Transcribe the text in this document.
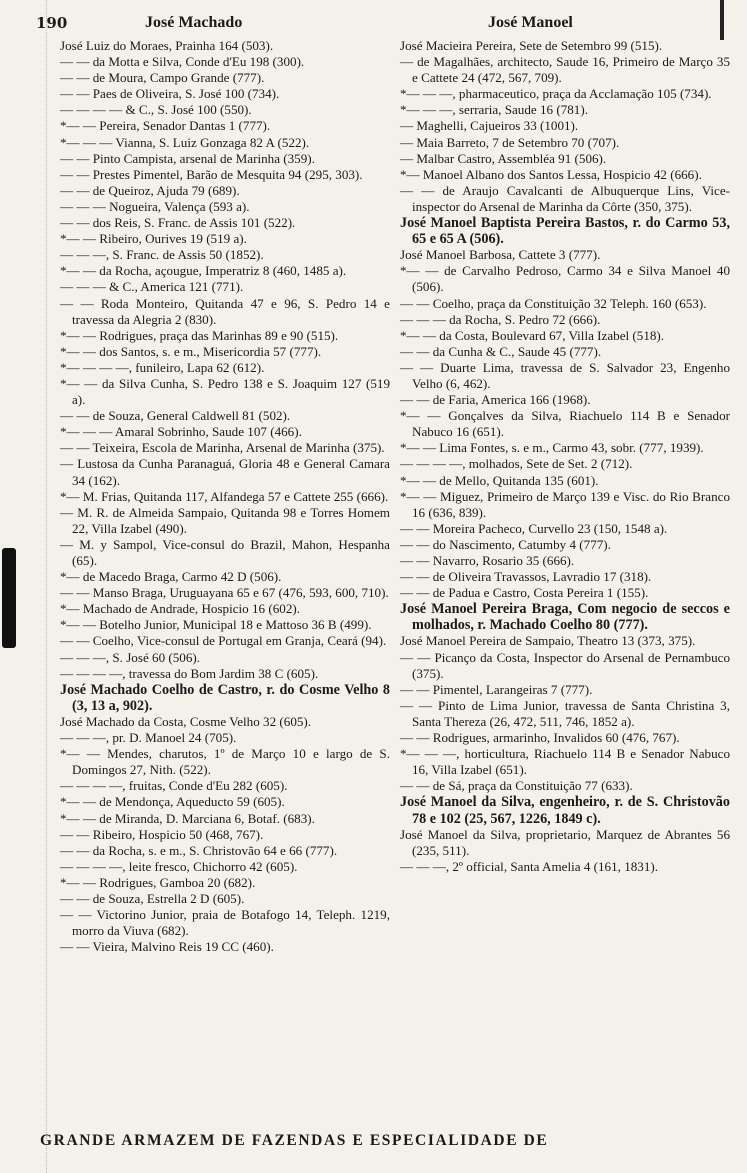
190	José Machado	José Manoel

José Luiz do Moraes, Prainha 164 (503).

— — da Motta e Silva, Conde d'Eu 198 (300).

— — de Moura, Campo Grande (777).

— — Paes de Oliveira, S. José 100 (734).

— — — — & C., S. José 100 (550).

*— — Pereira, Senador Dantas 1 (777).

*— — — Vianna, S. Luiz Gonzaga 82 A (522).

— — Pinto Campista, arsenal de Marinha (359).

— — Prestes Pimentel, Barão de Mesquita 94 (295, 303).

— — de Queiroz, Ajuda 79 (689).

— — — Nogueira, Valença (593 a).

— — dos Reis, S. Franc. de Assis 101 (522).

*— — Ribeiro, Ourives 19 (519 a).

— — —, S. Franc. de Assis 50 (1852).

*— — da Rocha, açougue, Imperatriz 8 (460, 1485 a).

— — — & C., America 121 (771).

— — Roda Monteiro, Quitanda 47 e 96, S. Pedro 14 e travessa da Alegria 2 (830).

*— — Rodrigues, praça das Marinhas 89 e 90 (515).

*— — dos Santos, s. e m., Misericordia 57 (777).

*— — — —, funileiro, Lapa 62 (612).

*— — da Silva Cunha, S. Pedro 138 e S. Joaquim 127 (519 a).

— — de Souza, General Caldwell 81 (502).

*— — — Amaral Sobrinho, Saude 107 (466).

— — Teixeira, Escola de Marinha, Arsenal de Marinha (375).

— Lustosa da Cunha Paranaguá, Gloria 48 e General Camara 34 (162).

*— M. Frias, Quitanda 117, Alfandega 57 e Cattete 255 (666).

— M. R. de Almeida Sampaio, Quitanda 98 e Torres Homem 22, Villa Izabel (490).

— M. y Sampol, Vice-consul do Brazil, Mahon, Hespanha (65).

*— de Macedo Braga, Carmo 42 D (506).

— — Manso Braga, Uruguayana 65 e 67 (476, 593, 600, 710).

*— Machado de Andrade, Hospicio 16 (602).

*— — Botelho Junior, Municipal 18 e Mattoso 36 B (499).

— — Coelho, Vice-consul de Portugal em Granja, Ceará (94).

— — —, S. José 60 (506).

— — — —, travessa do Bom Jardim 38 C (605).

José Machado Coelho de Castro, r. do Cosme Velho 8 (3, 13 a, 902).

José Machado da Costa, Cosme Velho 32 (605).

— — —, pr. D. Manoel 24 (705).

*— — Mendes, charutos, 1º de Março 10 e largo de S. Domingos 27, Nith. (522).

— — — —, fruitas, Conde d'Eu 282 (605).

*— — de Mendonça, Aqueducto 59 (605).

*— — de Miranda, D. Marciana 6, Botaf. (683).

— — Ribeiro, Hospicio 50 (468, 767).

— — da Rocha, s. e m., S. Christovão 64 e 66 (777).

— — — —, leite fresco, Chichorro 42 (605).

*— — Rodrigues, Gamboa 20 (682).

— — de Souza, Estrella 2 D (605).

— — Victorino Junior, praia de Botafogo 14, Teleph. 1219, morro da Viuva (682).

— — Vieira, Malvino Reis 19 CC (460).

José Macieira Pereira, Sete de Setembro 99 (515).

— de Magalhães, architecto, Saude 16, Primeiro de Março 35 e Cattete 24 (472, 567, 709).

*— — —, pharmaceutico, praça da Acclamação 105 (734).

*— — —, serraria, Saude 16 (781).

— Maghelli, Cajueiros 33 (1001).

— Maia Barreto, 7 de Setembro 70 (707).

— Malbar Castro, Assembléa 91 (506).

*— Manoel Albano dos Santos Lessa, Hospicio 42 (666).

— — de Araujo Cavalcanti de Albuquerque Lins, Vice-inspector do Arsenal de Marinha da Côrte (350, 375).

José Manoel Baptista Pereira Bastos, r. do Carmo 53, 65 e 65 A (506).

José Manoel Barbosa, Cattete 3 (777).

*— — de Carvalho Pedroso, Carmo 34 e Silva Manoel 40 (506).

— — Coelho, praça da Constituição 32 Teleph. 160 (653).

— — — da Rocha, S. Pedro 72 (666).

*— — da Costa, Boulevard 67, Villa Izabel (518).

— — da Cunha & C., Saude 45 (777).

— — Duarte Lima, travessa de S. Salvador 23, Engenho Velho (6, 462).

— — de Faria, America 166 (1968).

*— — Gonçalves da Silva, Riachuelo 114 B e Senador Nabuco 16 (651).

*— — Lima Fontes, s. e m., Carmo 43, sobr. (777, 1939).

— — — —, molhados, Sete de Set. 2 (712).

*— — de Mello, Quitanda 135 (601).

*— — Miguez, Primeiro de Março 139 e Visc. do Rio Branco 16 (636, 839).

— — Moreira Pacheco, Curvello 23 (150, 1548 a).

— — do Nascimento, Catumby 4 (777).

— — Navarro, Rosario 35 (666).

— — de Oliveira Travassos, Lavradio 17 (318).

— — de Padua e Castro, Costa Pereira 1 (155).

José Manoel Pereira Braga, Com negocio de seccos e molhados, r. Machado Coelho 80 (777).

José Manoel Pereira de Sampaio, Theatro 13 (373, 375).

— — Picanço da Costa, Inspector do Arsenal de Pernambuco (375).

— — Pimentel, Larangeiras 7 (777).

— — Pinto de Lima Junior, travessa de Santa Christina 3, Santa Thereza (26, 472, 511, 746, 1852 a).

— — Rodrigues, armarinho, Invalidos 60 (476, 767).

*— — —, horticultura, Riachuelo 114 B e Senador Nabuco 16, Villa Izabel (651).

— — de Sá, praça da Constituição 77 (633).

José Manoel da Silva, engenheiro, r. de S. Christovão 78 e 102 (25, 567, 1226, 1849 c).

José Manoel da Silva, proprietario, Marquez de Abrantes 56 (235, 511).

— — —, 2º official, Santa Amelia 4 (161, 1831).

GRANDE ARMAZEM DE FAZENDAS E ESPECIALIDADE DE
